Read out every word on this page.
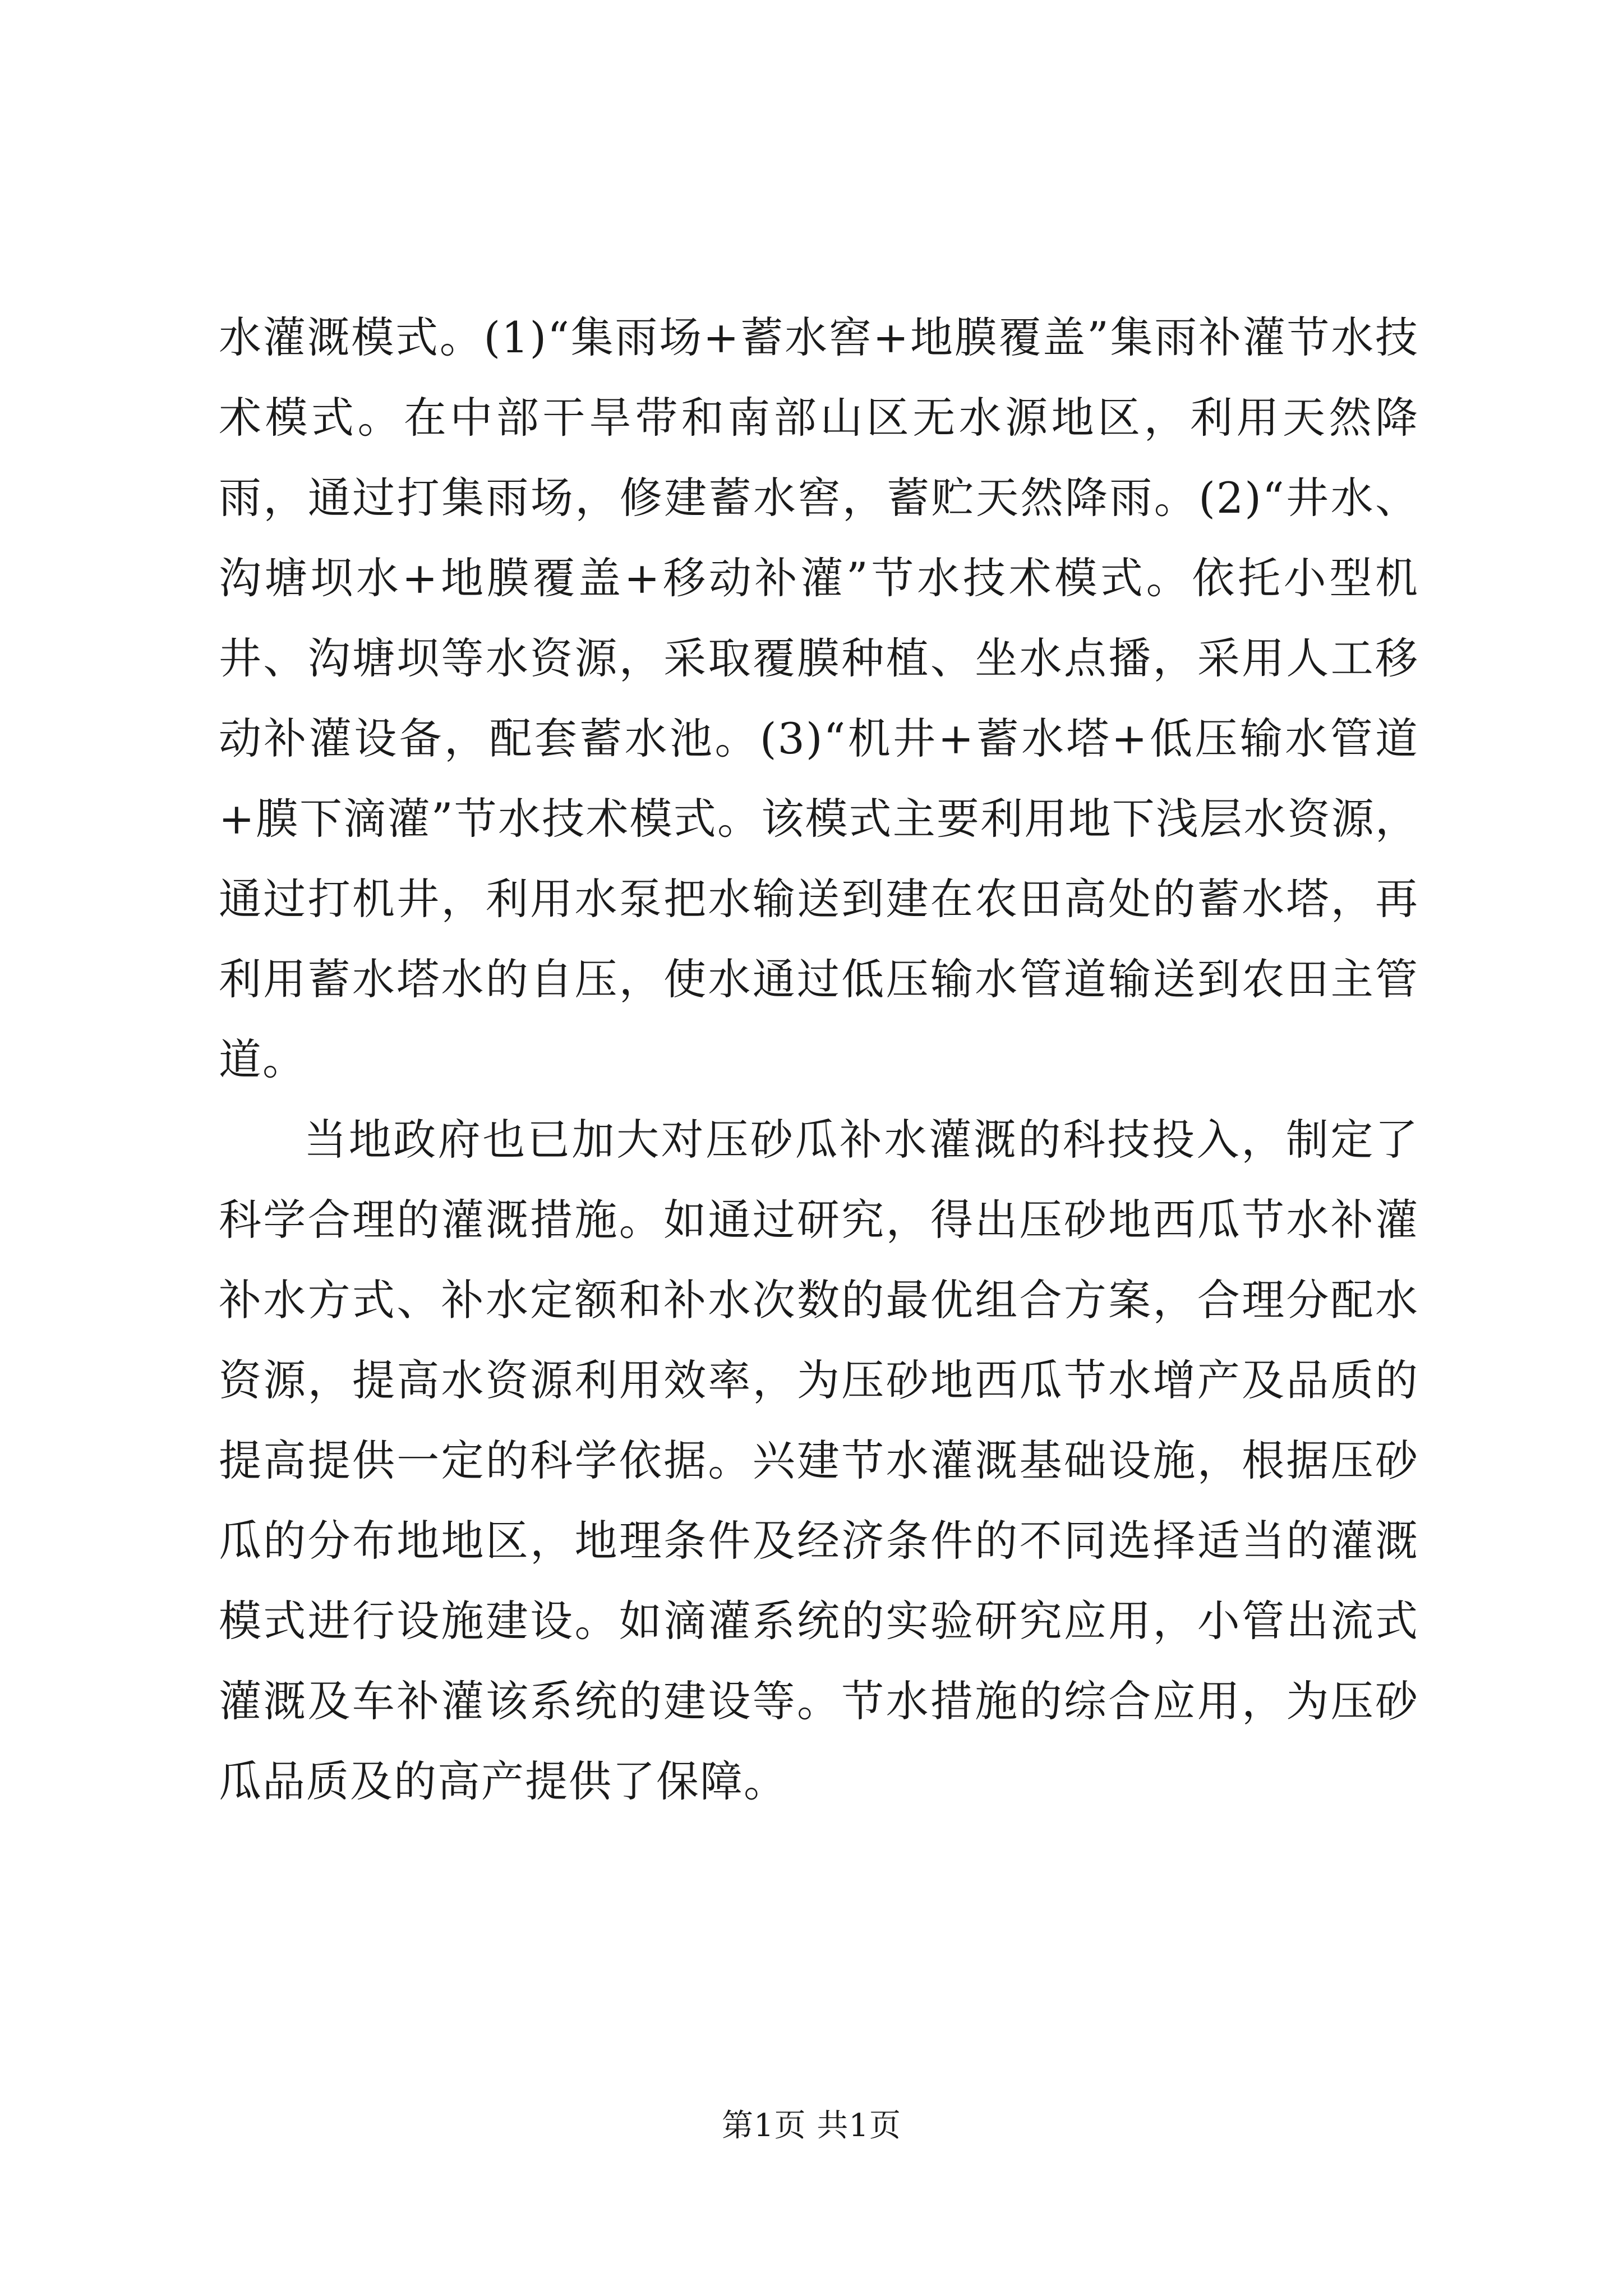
水灌溉模式。(1)“集雨场+蓄水窖+地膜覆盖”集雨补灌节水技术模式。在中部干旱带和南部山区无水源地区，利用天然降雨，通过打集雨场，修建蓄水窖，蓄贮天然降雨。(2)“井水、沟塘坝水+地膜覆盖+移动补灌”节水技术模式。依托小型机井、沟塘坝等水资源，采取覆膜种植、坐水点播，采用人工移动补灌设备，配套蓄水池。(3)“机井+蓄水塔+低压输水管道+膜下滴灌”节水技术模式。该模式主要利用地下浅层水资源，通过打机井，利用水泵把水输送到建在农田高处的蓄水塔，再利用蓄水塔水的自压，使水通过低压输水管道输送到农田主管道。

当地政府也已加大对压砂瓜补水灌溉的科技投入，制定了科学合理的灌溉措施。如通过研究，得出压砂地西瓜节水补灌补水方式、补水定额和补水次数的最优组合方案，合理分配水资源，提高水资源利用效率，为压砂地西瓜节水增产及品质的提高提供一定的科学依据。兴建节水灌溉基础设施，根据压砂瓜的分布地地区，地理条件及经济条件的不同选择适当的灌溉模式进行设施建设。如滴灌系统的实验研究应用，小管出流式灌溉及车补灌该系统的建设等。节水措施的综合应用，为压砂瓜品质及的高产提供了保障。

第1页 共1页
